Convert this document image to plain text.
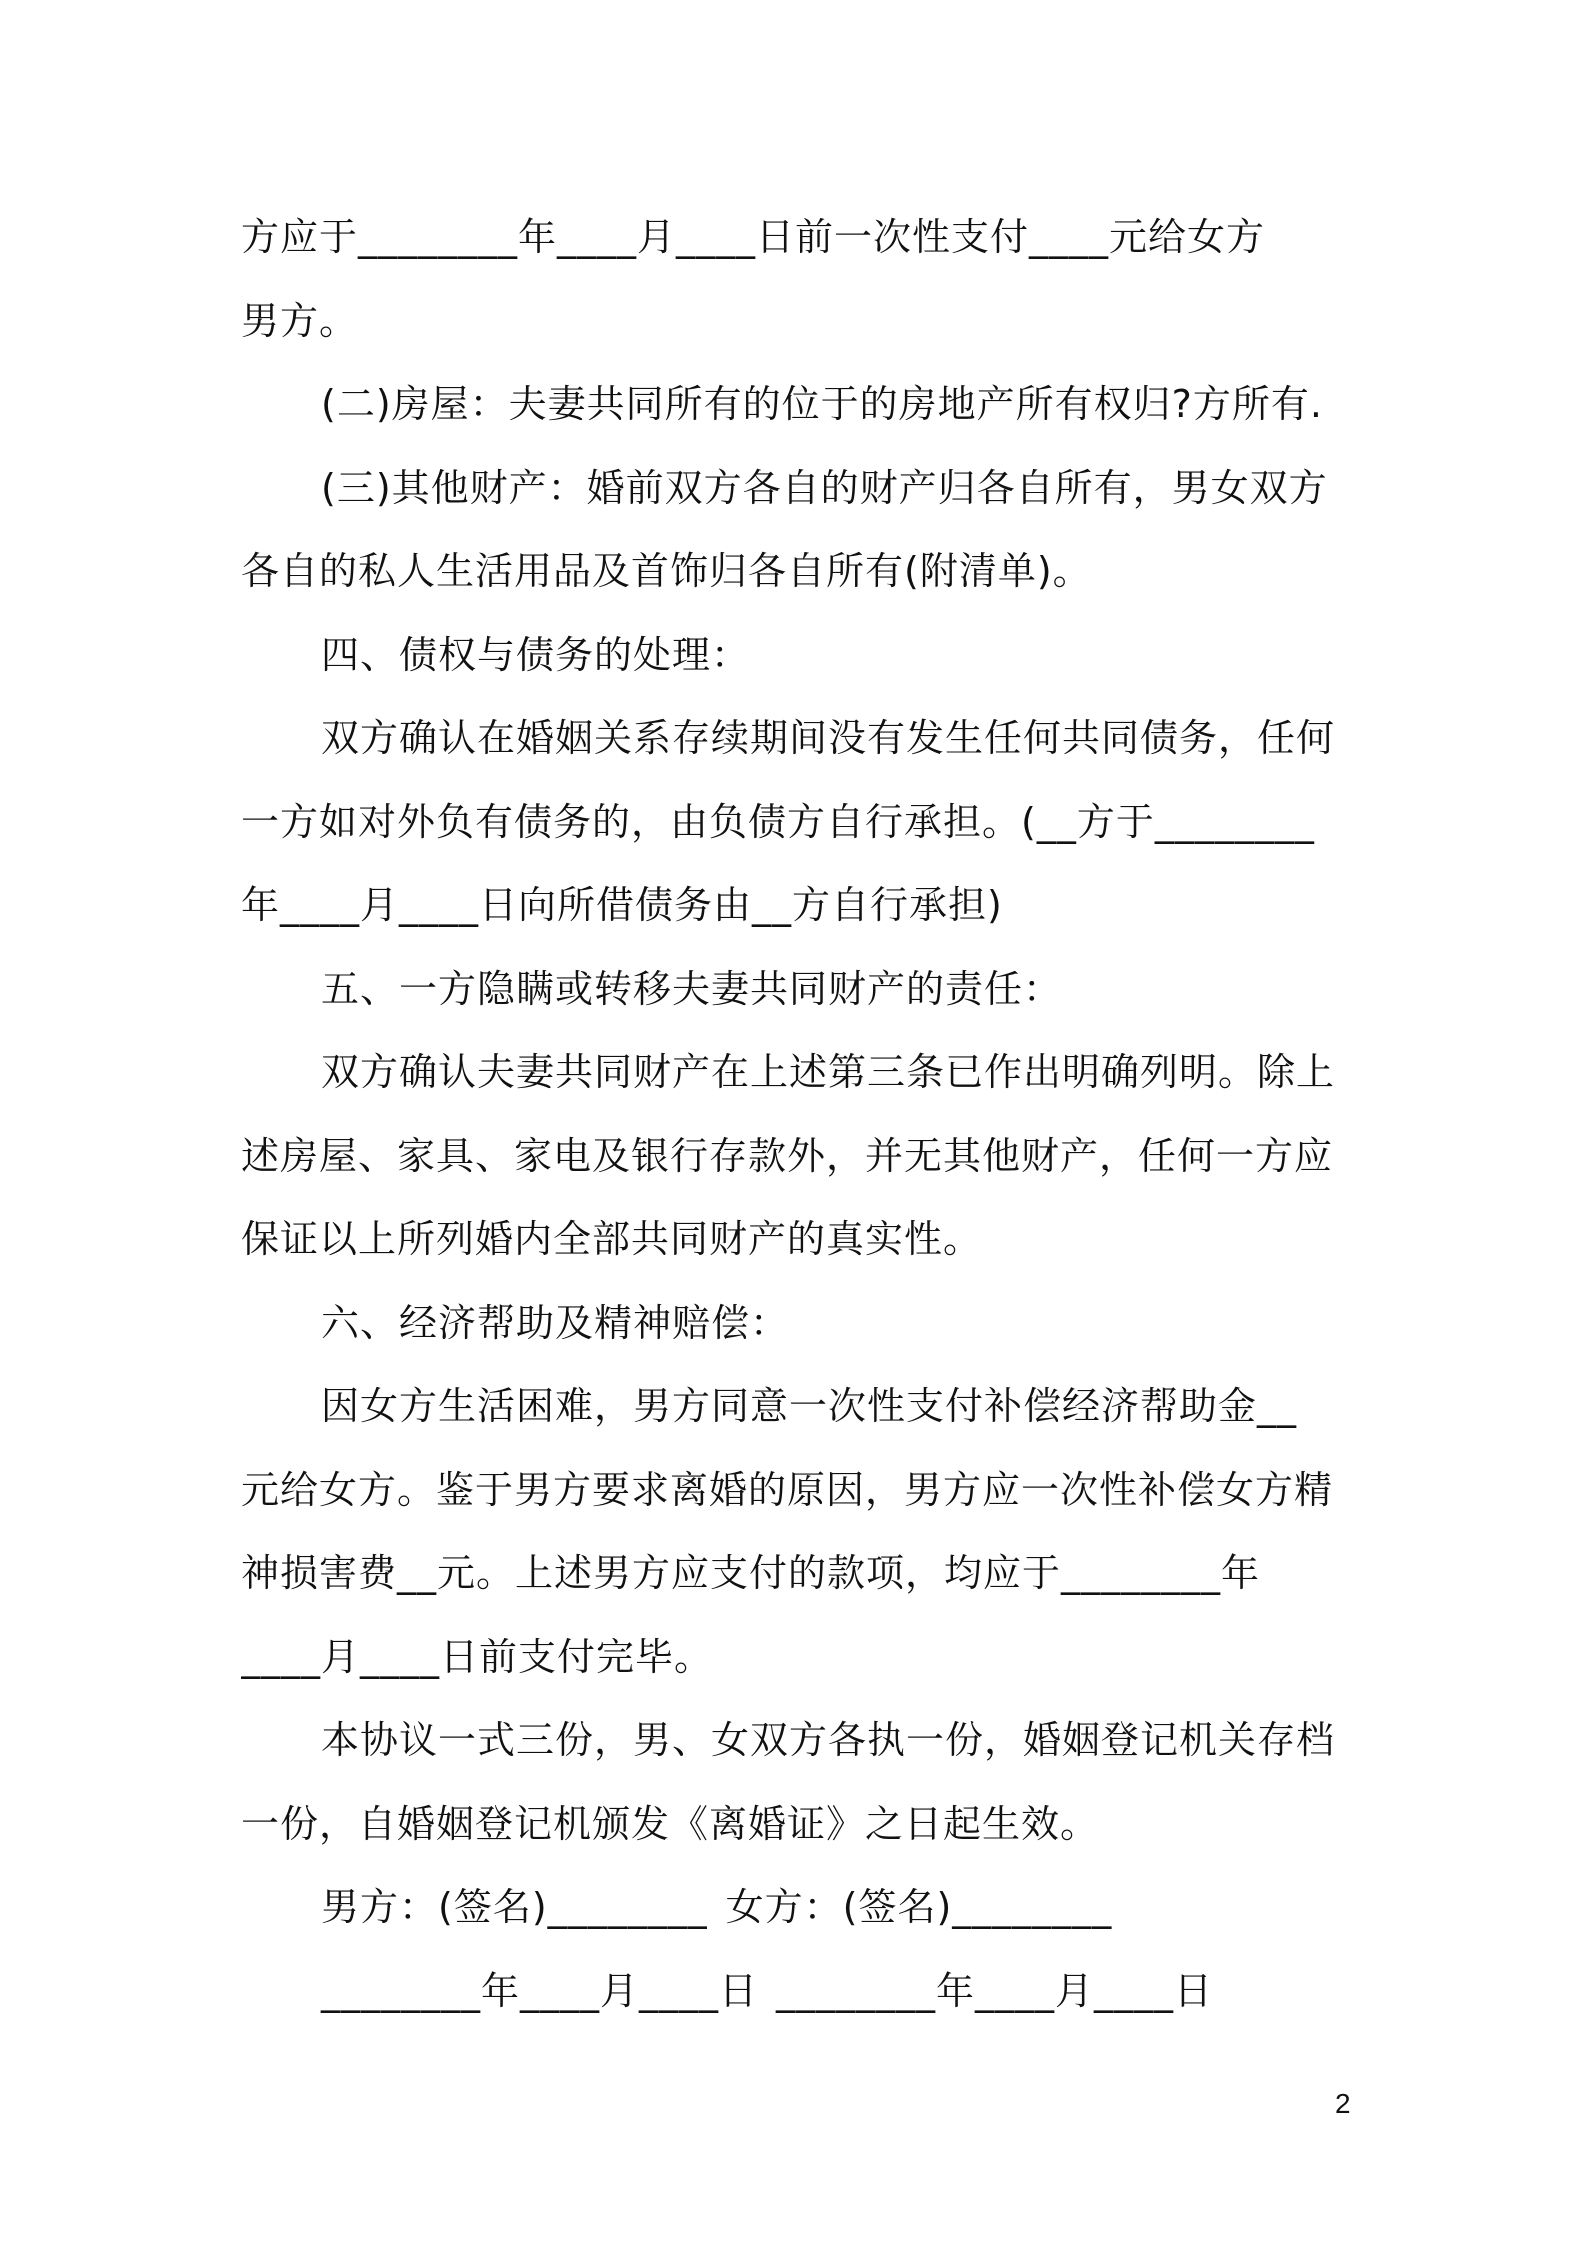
方应于________年____月____日前一次性支付____元给女方
男方。
(二)房屋：夫妻共同所有的位于的房地产所有权归?方所有.
(三)其他财产：婚前双方各自的财产归各自所有，男女双方
各自的私人生活用品及首饰归各自所有(附清单)。
四、债权与债务的处理：
双方确认在婚姻关系存续期间没有发生任何共同债务，任何
一方如对外负有债务的，由负债方自行承担。(__方于________
年____月____日向所借债务由__方自行承担)
五、一方隐瞒或转移夫妻共同财产的责任：
双方确认夫妻共同财产在上述第三条已作出明确列明。除上
述房屋、家具、家电及银行存款外，并无其他财产，任何一方应
保证以上所列婚内全部共同财产的真实性。
六、经济帮助及精神赔偿：
因女方生活困难，男方同意一次性支付补偿经济帮助金__
元给女方。鉴于男方要求离婚的原因，男方应一次性补偿女方精
神损害费__元。上述男方应支付的款项，均应于________年
____月____日前支付完毕。
本协议一式三份，男、女双方各执一份，婚姻登记机关存档
一份，自婚姻登记机颁发《离婚证》之日起生效。
男方：(签名)________ 女方：(签名)________
________年____月____日 ________年____月____日
2
